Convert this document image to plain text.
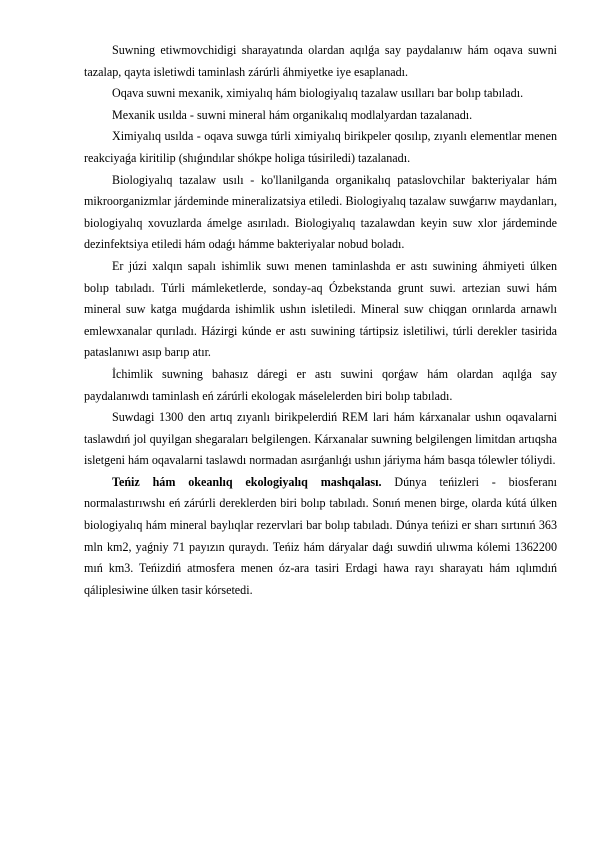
Suwning etiwmovchidigi sharayatında olardan aqılǵa say paydalanıw hám oqava suwni tazalap, qayta isletiwdi taminlash zárúrli áhmiyetke iye esaplanadı.

Oqava suwni mexanik, ximiyalıq hám biologiyalıq tazalaw usılları bar bolıp tabıladı.

Mexanik usılda - suwni mineral hám organikalıq modlalyardan tazalanadı.

Ximiyalıq usılda - oqava suwga túrli ximiyalıq birikpeler qosılıp, zıyanlı elementlar menen reakciyaǵa kiritilip (shıǵındılar shókpe holiga túsiriledi) tazalanadı.

Biologiyalıq tazalaw usılı - ko'llanilganda organikalıq pataslovchilar bakteriyalar hám mikroorganizmlar járdeminde mineralizatsiya etiledi. Biologiyalıq tazalaw suwǵarıw maydanları, biologiyalıq xovuzlarda ámelge asırıladı. Biologiyalıq tazalawdan keyin suw xlor járdeminde dezinfektsiya etiledi hám odaǵı hámme bakteriyalar nobud boladı.

Er júzi xalqın sapalı ishimlik suwı menen taminlashda er astı suwining áhmiyeti úlken bolıp tabıladı. Túrli mámleketlerde, sonday-aq Ózbekstanda grunt suwi. artezian suwi hám mineral suw katga muǵdarda ishimlik ushın isletiledi. Mineral suw chiqgan orınlarda arnawlı emlewxanalar qurıladı. Házirgi kúnde er astı suwining tártipsiz isletiliwi, túrli derekler tasirida pataslanıwı asıp barıp atır.

İchimlik suwning bahasız dáregi er astı suwini qorǵaw hám olardan aqılǵa say paydalanıwdı taminlash eń zárúrli ekologak máselelerden biri bolıp tabıladı.

Suwdagi 1300 den artıq zıyanlı birikpelerdiń REM lari hám kárxanalar ushın oqavalarni taslawdıń jol quyilgan shegaraları belgilengen. Kárxanalar suwning belgilengen limitdan artıqsha isletgeni hám oqavalarni taslawdı normadan asırǵanlıǵı ushın járiyma hám basqa tólewler tóliydi.

Teńiz hám okeanlıq ekologiyalıq mashqalası. Dúnya teńizleri - biosferanı normalastırıwshı eń zárúrli dereklerden biri bolıp tabıladı. Sonıń menen birge, olarda kútá úlken biologiyalıq hám mineral baylıqlar rezervlari bar bolıp tabıladı. Dúnya teńizi er sharı sırtınıń 363 mln km2, yaǵniy 71 payızın quraydı. Teńiz hám dáryalar daǵı suwdiń ulıwma kólemi 1362200 mıń km3. Teńizdiń atmosfera menen óz-ara tasiri Erdagi hawa rayı sharayatı hám ıqlımdıń qáliplesiwine úlken tasir kórsetedi.
